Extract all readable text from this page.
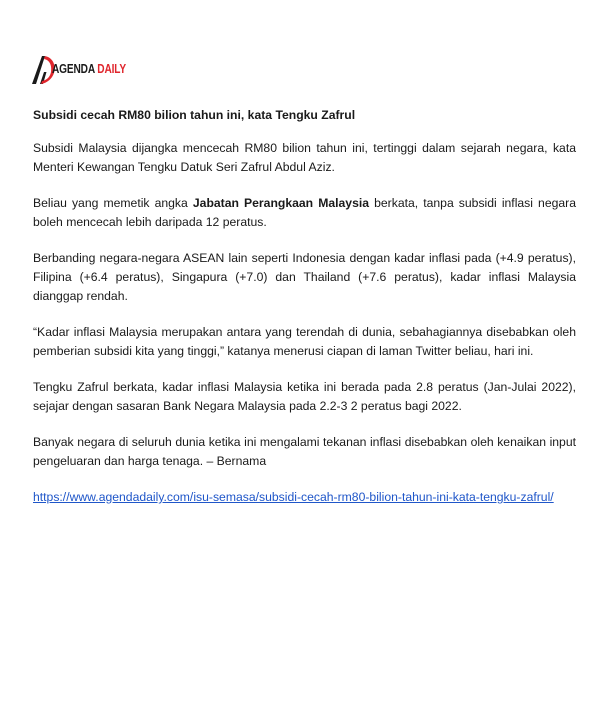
AGENDA DAILY
Subsidi cecah RM80 bilion tahun ini, kata Tengku Zafrul

Subsidi Malaysia dijangka mencecah RM80 bilion tahun ini, tertinggi dalam sejarah negara, kata Menteri Kewangan Tengku Datuk Seri Zafrul Abdul Aziz.

Beliau yang memetik angka Jabatan Perangkaan Malaysia berkata, tanpa subsidi inflasi negara boleh mencecah lebih daripada 12 peratus.

Berbanding negara-negara ASEAN lain seperti Indonesia dengan kadar inflasi pada (+4.9 peratus), Filipina (+6.4 peratus), Singapura (+7.0) dan Thailand (+7.6 peratus), kadar inflasi Malaysia dianggap rendah.

“Kadar inflasi Malaysia merupakan antara yang terendah di dunia, sebahagiannya disebabkan oleh pemberian subsidi kita yang tinggi,” katanya menerusi ciapan di laman Twitter beliau, hari ini.

Tengku Zafrul berkata, kadar inflasi Malaysia ketika ini berada pada 2.8 peratus (Jan-Julai 2022), sejajar dengan sasaran Bank Negara Malaysia pada 2.2-3 2 peratus bagi 2022.

Banyak negara di seluruh dunia ketika ini mengalami tekanan inflasi disebabkan oleh kenaikan input pengeluaran dan harga tenaga. – Bernama

https://www.agendadaily.com/isu-semasa/subsidi-cecah-rm80-bilion-tahun-ini-kata-tengku-zafrul/
